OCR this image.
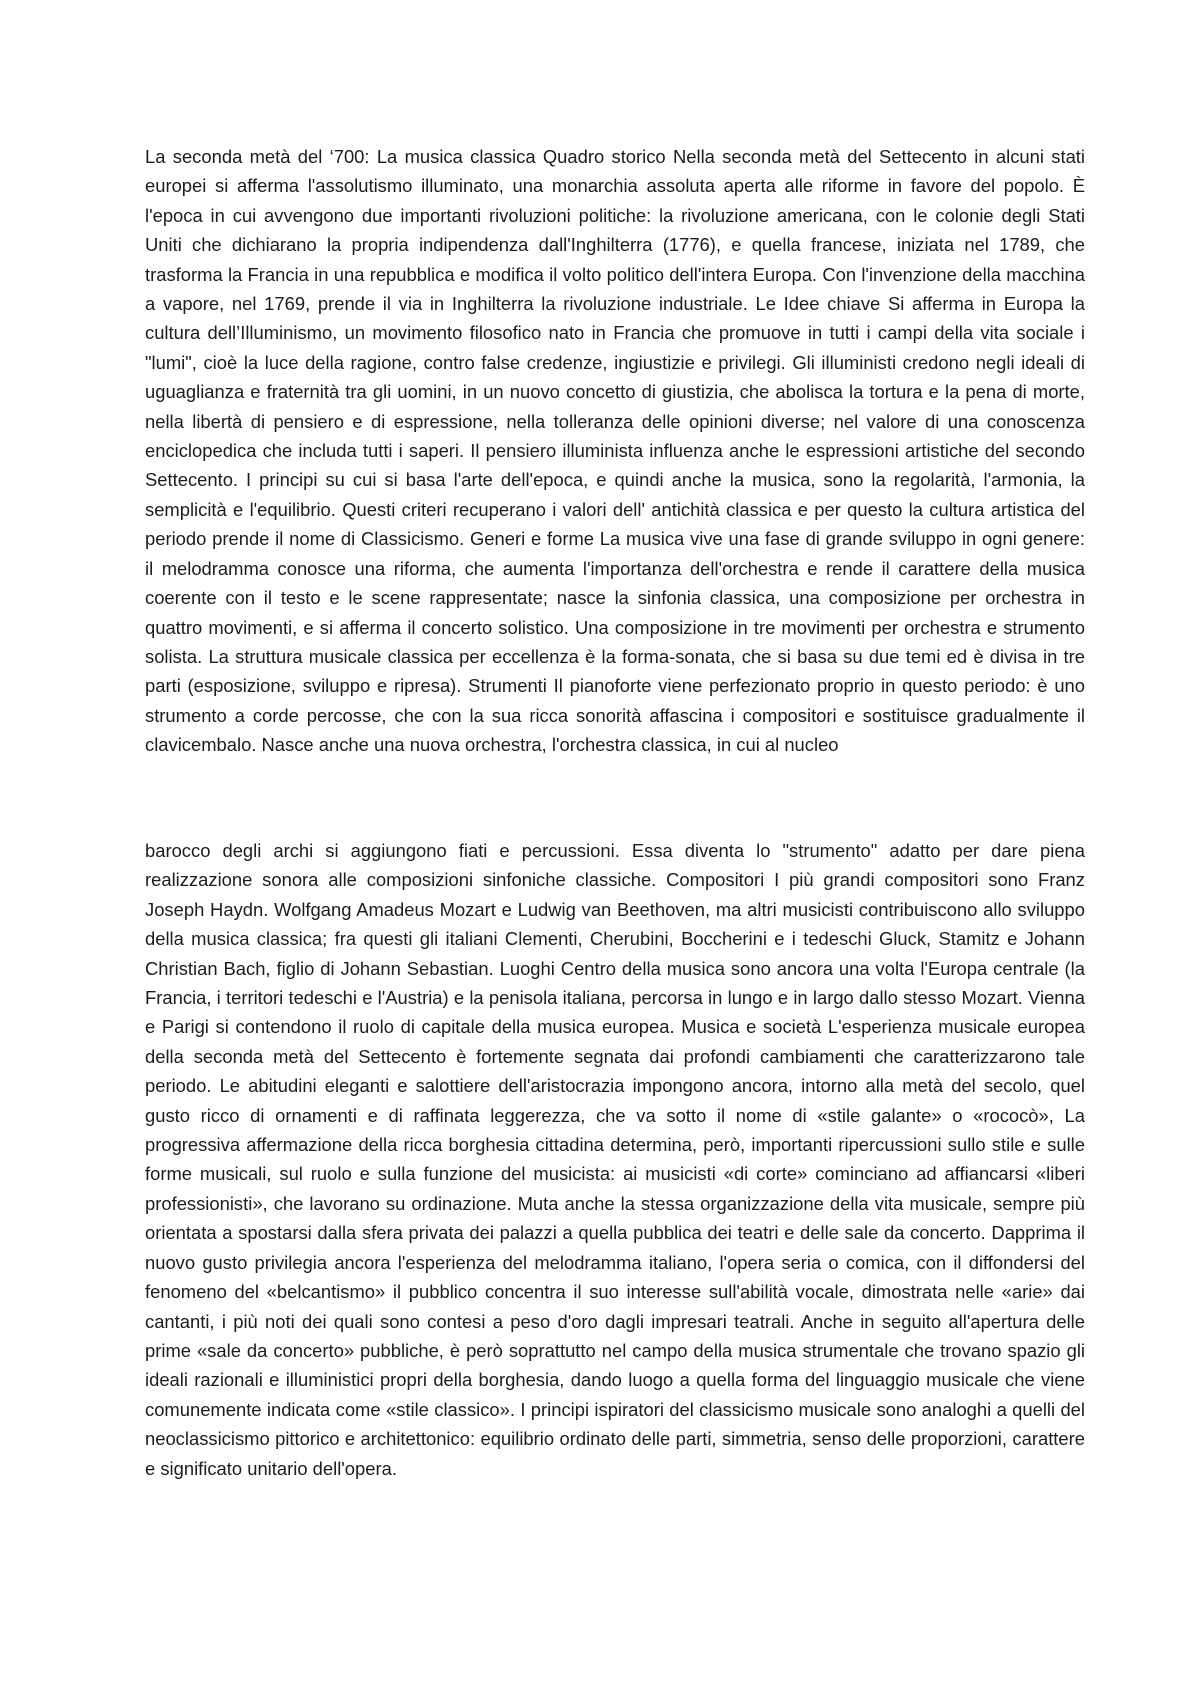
La seconda metà del ‘700: La musica classica Quadro storico Nella seconda metà del Settecento in alcuni stati europei si afferma l'assolutismo illuminato, una monarchia assoluta aperta alle riforme in favore del popolo. È l'epoca in cui avvengono due importanti rivoluzioni politiche: la rivoluzione americana, con le colonie degli Stati Uniti che dichiarano la propria indipendenza dall'Inghilterra (1776), e quella francese, iniziata nel 1789, che trasforma la Francia in una repubblica e modifica il volto politico dell'intera Europa. Con l'invenzione della macchina a vapore, nel 1769, prende il via in Inghilterra la rivoluzione industriale. Le Idee chiave Si afferma in Europa la cultura dell’Illuminismo, un movimento filosofico nato in Francia che promuove in tutti i campi della vita sociale i "lumi", cioè la luce della ragione, contro false credenze, ingiustizie e privilegi. Gli illuministi credono negli ideali di uguaglianza e fraternità tra gli uomini, in un nuovo concetto di giustizia, che abolisca la tortura e la pena di morte, nella libertà di pensiero e di espressione, nella tolleranza delle opinioni diverse; nel valore di una conoscenza enciclopedica che includa tutti i saperi. Il pensiero illuminista influenza anche le espressioni artistiche del secondo Settecento. I principi su cui si basa l'arte dell'epoca, e quindi anche la musica, sono la regolarità, l'armonia, la semplicità e l'equilibrio. Questi criteri recuperano i valori dell' antichità classica e per questo la cultura artistica del periodo prende il nome di Classicismo. Generi e forme La musica vive una fase di grande sviluppo in ogni genere: il melodramma conosce una riforma, che aumenta l'importanza dell'orchestra e rende il carattere della musica coerente con il testo e le scene rappresentate; nasce la sinfonia classica, una composizione per orchestra in quattro movimenti, e si afferma il concerto solistico. Una composizione in tre movimenti per orchestra e strumento solista. La struttura musicale classica per eccellenza è la forma-sonata, che si basa su due temi ed è divisa in tre parti (esposizione, sviluppo e ripresa). Strumenti Il pianoforte viene perfezionato proprio in questo periodo: è uno strumento a corde percosse, che con la sua ricca sonorità affascina i compositori e sostituisce gradualmente il clavicembalo. Nasce anche una nuova orchestra, l'orchestra classica, in cui al nucleo

barocco degli archi si aggiungono fiati e percussioni. Essa diventa lo "strumento" adatto per dare piena realizzazione sonora alle composizioni sinfoniche classiche. Compositori I più grandi compositori sono Franz Joseph Haydn. Wolfgang Amadeus Mozart e Ludwig van Beethoven, ma altri musicisti contribuiscono allo sviluppo della musica classica; fra questi gli italiani Clementi, Cherubini, Boccherini e i tedeschi Gluck, Stamitz e Johann Christian Bach, figlio di Johann Sebastian. Luoghi Centro della musica sono ancora una volta l'Europa centrale (la Francia, i territori tedeschi e l'Austria) e la penisola italiana, percorsa in lungo e in largo dallo stesso Mozart. Vienna e Parigi si contendono il ruolo di capitale della musica europea. Musica e società L'esperienza musicale europea della seconda metà del Settecento è fortemente segnata dai profondi cambiamenti che caratterizzarono tale periodo. Le abitudini eleganti e salottiere dell'aristocrazia impongono ancora, intorno alla metà del secolo, quel gusto ricco di ornamenti e di raffinata leggerezza, che va sotto il nome di «stile galante» o «rococò», La progressiva affermazione della ricca borghesia cittadina determina, però, importanti ripercussioni sullo stile e sulle forme musicali, sul ruolo e sulla funzione del musicista: ai musicisti «di corte» cominciano ad affiancarsi «liberi professionisti», che lavorano su ordinazione. Muta anche la stessa organizzazione della vita musicale, sempre più orientata a spostarsi dalla sfera privata dei palazzi a quella pubblica dei teatri e delle sale da concerto. Dapprima il nuovo gusto privilegia ancora l'esperienza del melodramma italiano, l'opera seria o comica, con il diffondersi del fenomeno del «belcantismo» il pubblico concentra il suo interesse sull'abilità vocale, dimostrata nelle «arie» dai cantanti, i più noti dei quali sono contesi a peso d'oro dagli impresari teatrali. Anche in seguito all'apertura delle prime «sale da concerto» pubbliche, è però soprattutto nel campo della musica strumentale che trovano spazio gli ideali razionali e illuministici propri della borghesia, dando luogo a quella forma del linguaggio musicale che viene comunemente indicata come «stile classico». I principi ispiratori del classicismo musicale sono analoghi a quelli del neoclassicismo pittorico e architettonico: equilibrio ordinato delle parti, simmetria, senso delle proporzioni, carattere e significato unitario dell'opera.
